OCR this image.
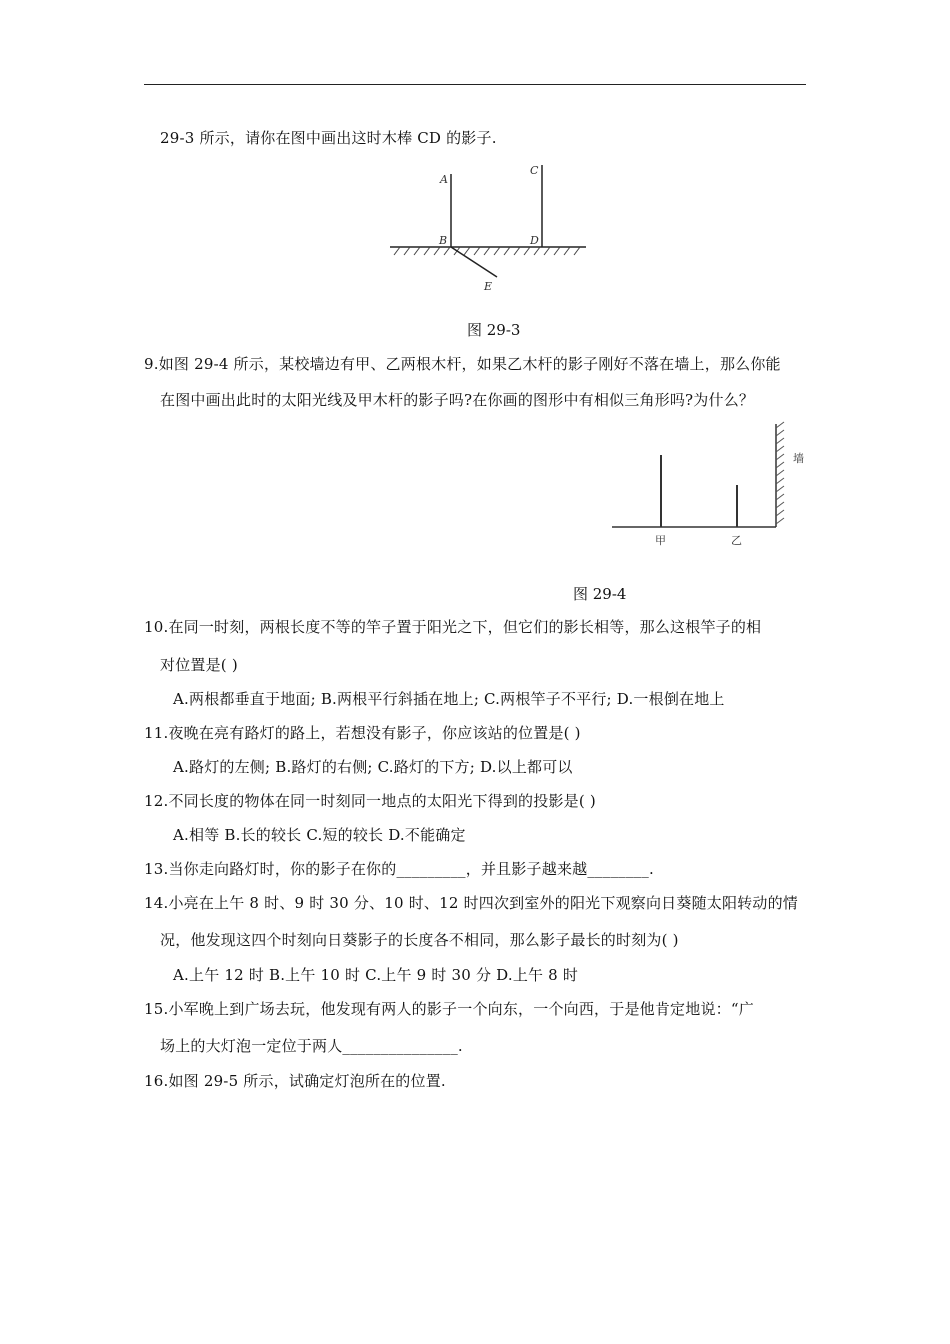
29-3 所示，请你在图中画出这时木棒 CD 的影子.
A
B
C
D
E
图 29-3
9.如图 29-4 所示，某校墙边有甲、乙两根木杆，如果乙木杆的影子刚好不落在墙上，那么你能
在图中画出此时的太阳光线及甲木杆的影子吗?在你画的图形中有相似三角形吗?为什么？
墙
甲	乙
图 29-4
10.在同一时刻，两根长度不等的竿子置于阳光之下，但它们的影长相等，那么这根竿子的相
对位置是( )
A.两根都垂直于地面; B.两根平行斜插在地上; C.两根竿子不平行; D.一根倒在地上
11.夜晚在亮有路灯的路上，若想没有影子，你应该站的位置是( )
A.路灯的左侧; B.路灯的右侧; C.路灯的下方; D.以上都可以
12.不同长度的物体在同一时刻同一地点的太阳光下得到的投影是( )
A.相等 B.长的较长 C.短的较长 D.不能确定
13.当你走向路灯时，你的影子在你的_________，并且影子越来越________.
14.小亮在上午 8 时、9 时 30 分、10 时、12 时四次到室外的阳光下观察向日葵随太阳转动的情
况，他发现这四个时刻向日葵影子的长度各不相同，那么影子最长的时刻为( )
A.上午 12 时 B.上午 10 时 C.上午 9 时 30 分 D.上午 8 时
15.小军晚上到广场去玩，他发现有两人的影子一个向东，一个向西，于是他肯定地说：“广
场上的大灯泡一定位于两人_______________.
16.如图 29-5 所示，试确定灯泡所在的位置.
